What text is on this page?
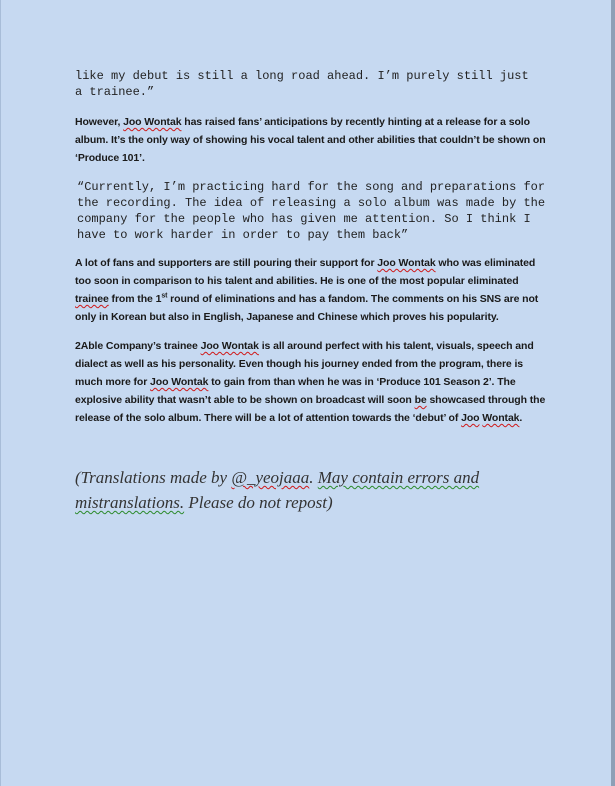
like my debut is still a long road ahead. I’m purely still just
a trainee.”

However, Joo Wontak has raised fans’ anticipations by recently hinting at a release for a solo album. It’s the only way of showing his vocal talent and other abilities that couldn’t be shown on ‘Produce 101’.

“Currently, I’m practicing hard for the song and preparations for the recording. The idea of releasing a solo album was made by the company for the people who has given me attention. So I think I have to work harder in order to pay them back”

A lot of fans and supporters are still pouring their support for Joo Wontak who was eliminated too soon in comparison to his talent and abilities. He is one of the most popular eliminated trainee from the 1st round of eliminations and has a fandom. The comments on his SNS are not only in Korean but also in English, Japanese and Chinese which proves his popularity.

2Able Company’s trainee Joo Wontak is all around perfect with his talent, visuals, speech and dialect as well as his personality. Even though his journey ended from the program, there is much more for Joo Wontak to gain from than when he was in ‘Produce 101 Season 2’. The explosive ability that wasn’t able to be shown on broadcast will soon be showcased through the release of the solo album. There will be a lot of attention towards the ‘debut’ of Joo Wontak.

(Translations made by @_yeojaaa. May contain errors and mistranslations. Please do not repost)
